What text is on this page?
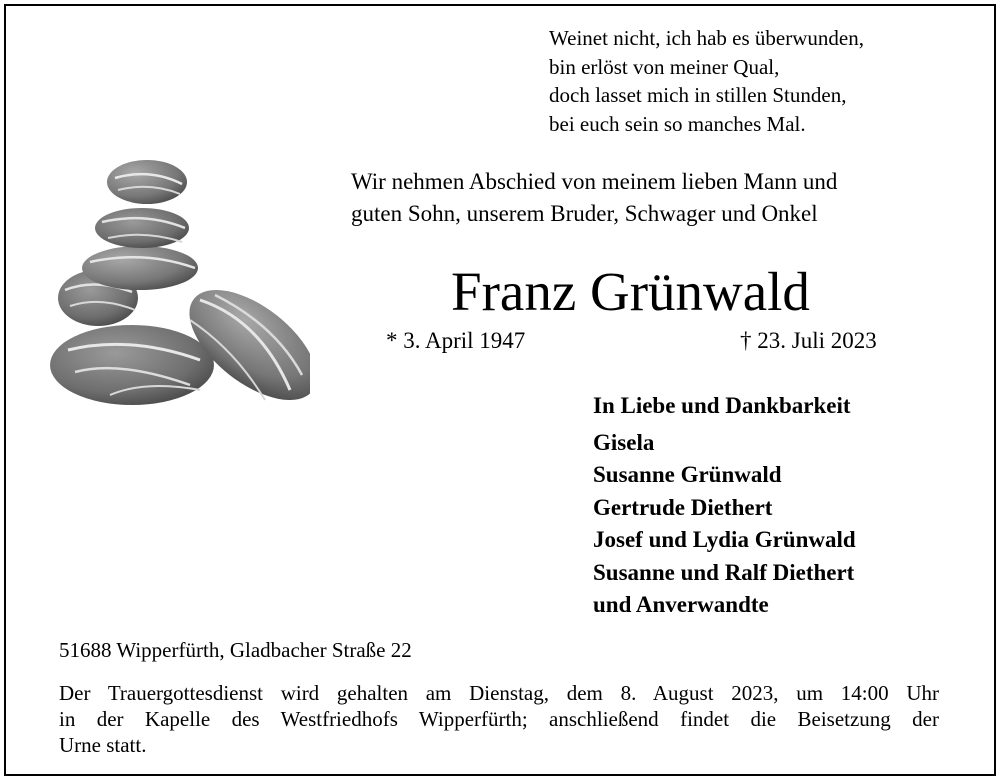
Weinet nicht, ich hab es überwunden,
bin erlöst von meiner Qual,
doch lasset mich in stillen Stunden,
bei euch sein so manches Mal.
Wir nehmen Abschied von meinem lieben Mann und
guten Sohn, unserem Bruder, Schwager und Onkel
Franz Grünwald
* 3. April 1947	† 23. Juli 2023
In Liebe und Dankbarkeit
Gisela
Susanne Grünwald
Gertrude Diethert
Josef und Lydia Grünwald
Susanne und Ralf Diethert
und Anverwandte
51688 Wipperfürth, Gladbacher Straße 22
Der Trauergottesdienst wird gehalten am Dienstag, dem 8. August 2023, um 14:00 Uhr
in der Kapelle des Westfriedhofs Wipperfürth; anschließend findet die Beisetzung der
Urne statt.
